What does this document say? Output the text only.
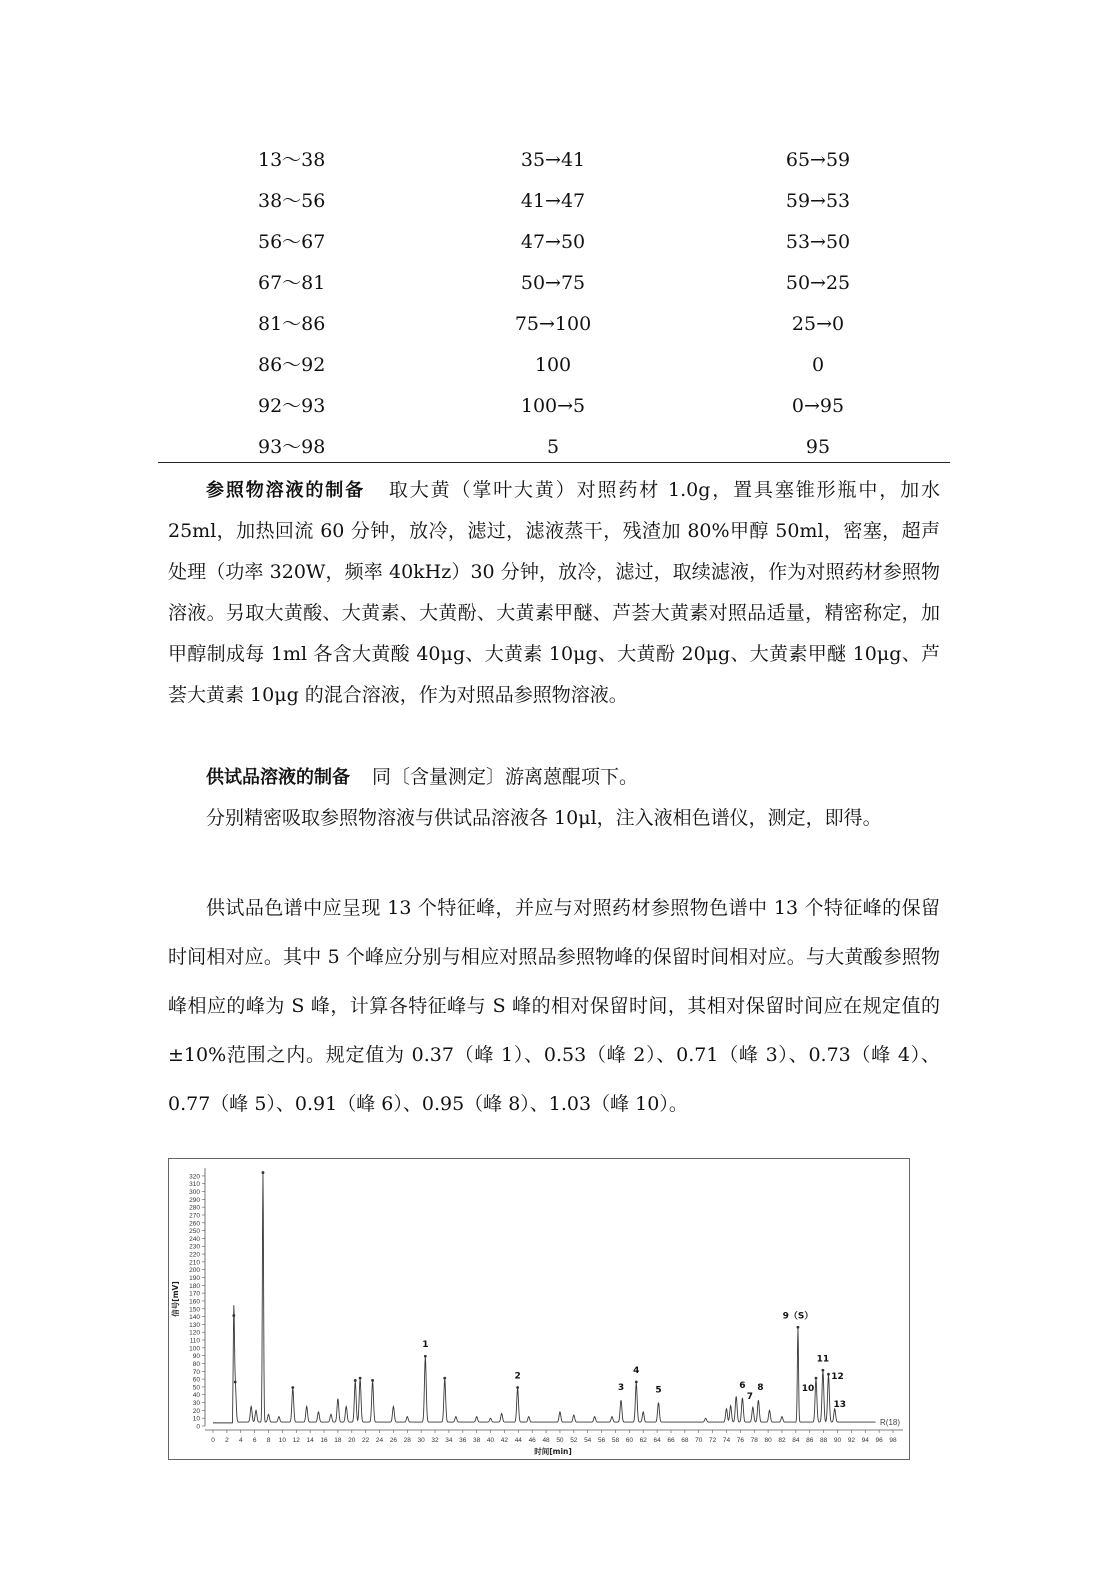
13～38	35→41	65→59
38～56	41→47	59→53
56～67	47→50	53→50
67～81	50→75	50→25
81～86	75→100	25→0
86～92	100	0
92～93	100→5	0→95
93～98	5	95

参照物溶液的制备 取大黄（掌叶大黄）对照药材 1.0g，置具塞锥形瓶中，加水 25ml，加热回流 60 分钟，放冷，滤过，滤液蒸干，残渣加 80%甲醇 50ml，密塞，超声处理（功率 320W，频率 40kHz）30 分钟，放冷，滤过，取续滤液，作为对照药材参照物溶液。另取大黄酸、大黄素、大黄酚、大黄素甲醚、芦荟大黄素对照品适量，精密称定，加甲醇制成每 1ml 各含大黄酸 40μg、大黄素 10μg、大黄酚 20μg、大黄素甲醚 10μg、芦荟大黄素 10μg 的混合溶液，作为对照品参照物溶液。

供试品溶液的制备 同〔含量测定〕游离蒽醌项下。

分别精密吸取参照物溶液与供试品溶液各 10μl，注入液相色谱仪，测定，即得。

供试品色谱中应呈现 13 个特征峰，并应与对照药材参照物色谱中 13 个特征峰的保留时间相对应。其中 5 个峰应分别与相应对照品参照物峰的保留时间相对应。与大黄酸参照物峰相应的峰为 S 峰，计算各特征峰与 S 峰的相对保留时间，其相对保留时间应在规定值的±10%范围之内。规定值为 0.37（峰 1）、0.53（峰 2）、0.71（峰 3）、0.73（峰 4）、0.77（峰 5）、0.91（峰 6）、0.95（峰 8）、1.03（峰 10）。

0
10
20
30
40
50
60
70
80
90
100
110
120
130
140
150
160
170
180
190
200
210
220
230
240
250
260
270
280
290
300
310
320
0 2 4 6 8 10 12 14 16 18 20 22 24 26 28 30 32 34 36 38 40 42 44 46 48 50 52 54 56 58 60 62 64 66 68 70 72 74 76 78 80 82 84 86 88 90 92 94 96 98
时间[min]
信号[mV]
1
2
3
4
5	6
7
8
9（S）
10
11
12
13
R(18)
